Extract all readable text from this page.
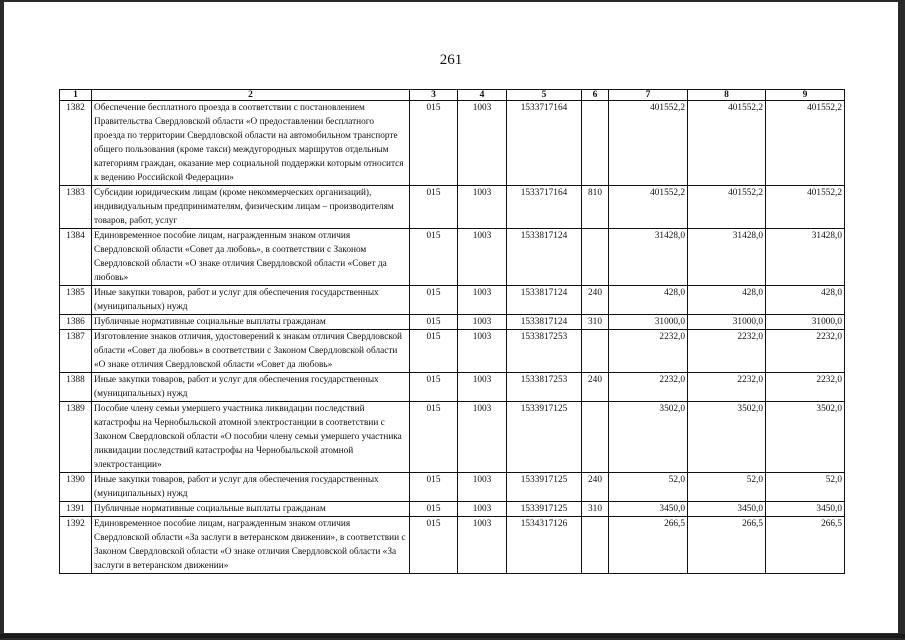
261
1	2	3	4	5	6	7	8	9
1382	Обеспечение бесплатного проезда в соответствии с постановлением Правительства Свердловской области «О предоставлении бесплатного проезда по территории Свердловской области на автомобильном транспорте общего пользования (кроме такси) междугородных маршрутов отдельным категориям граждан, оказание мер социальной поддержки которым относится к ведению Российской Федерации»	015	1003	1533717164		401552,2	401552,2	401552,2
1383	Субсидии юридическим лицам (кроме некоммерческих организаций), индивидуальным предпринимателям, физическим лицам – производителям товаров, работ, услуг	015	1003	1533717164	810	401552,2	401552,2	401552,2
1384	Единовременное пособие лицам, награжденным знаком отличия Свердловской области «Совет да любовь», в соответствии с Законом Свердловской области «О знаке отличия Свердловской области «Совет да любовь»	015	1003	1533817124		31428,0	31428,0	31428,0
1385	Иные закупки товаров, работ и услуг для обеспечения государственных (муниципальных) нужд	015	1003	1533817124	240	428,0	428,0	428,0
1386	Публичные нормативные социальные выплаты гражданам	015	1003	1533817124	310	31000,0	31000,0	31000,0
1387	Изготовление знаков отличия, удостоверений к знакам отличия Свердловской области «Совет да любовь» в соответствии с Законом Свердловской области «О знаке отличия Свердловской области «Совет да любовь»	015	1003	1533817253		2232,0	2232,0	2232,0
1388	Иные закупки товаров, работ и услуг для обеспечения государственных (муниципальных) нужд	015	1003	1533817253	240	2232,0	2232,0	2232,0
1389	Пособие члену семьи умершего участника ликвидации последствий катастрофы на Чернобыльской атомной электростанции в соответствии с Законом Свердловской области «О пособии члену семьи умершего участника ликвидации последствий катастрофы на Чернобыльской атомной электростанции»	015	1003	1533917125		3502,0	3502,0	3502,0
1390	Иные закупки товаров, работ и услуг для обеспечения государственных (муниципальных) нужд	015	1003	1533917125	240	52,0	52,0	52,0
1391	Публичные нормативные социальные выплаты гражданам	015	1003	1533917125	310	3450,0	3450,0	3450,0
1392	Единовременное пособие лицам, награжденным знаком отличия Свердловской области «За заслуги в ветеранском движении», в соответствии с Законом Свердловской области «О знаке отличия Свердловской области «За заслуги в ветеранском движении»	015	1003	1534317126		266,5	266,5	266,5
